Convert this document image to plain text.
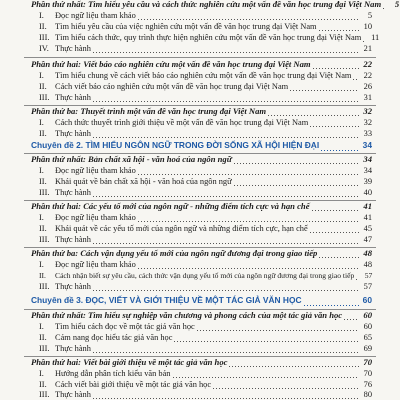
Phần thứ nhất: Tìm hiểu yêu cầu và cách thức nghiên cứu một vấn đề văn học trung đại Việt Nam	5
I.	Đọc ngữ liệu tham khảo	5
II. Tìm hiểu yêu cầu của việc nghiên cứu một vấn đề văn học trung đại Việt Nam	10
III. Tìm hiểu cách thức, quy trình thực hiện nghiên cứu một vấn đề văn học trung đại Việt Nam	11
IV. Thực hành	21
Phần thứ hai: Viết báo cáo nghiên cứu một vấn đề văn học trung đại Việt Nam	22
I.	Tìm hiểu chung về cách viết báo cáo nghiên cứu một vấn đề văn học trung đại Việt Nam	22
II. Cách viết báo cáo nghiên cứu một vấn đề văn học trung đại Việt Nam	26
III. Thực hành	31
Phần thứ ba: Thuyết trình một vấn đề văn học trung đại Việt Nam	32
I.	Cách thức thuyết trình giới thiệu về một vấn đề văn học trung đại Việt Nam	32
II. Thực hành	33
Chuyên đề 2. TÌM HIỂU NGÔN NGỮ TRONG ĐỜI SỐNG XÃ HỘI HIỆN ĐẠI	34
Phần thứ nhất: Bản chất xã hội - văn hoá của ngôn ngữ	34
I.	Đọc ngữ liệu tham khảo	34
II. Khái quát về bản chất xã hội - văn hoá của ngôn ngữ	39
III. Thực hành	40
Phần thứ hai: Các yếu tố mới của ngôn ngữ - những điểm tích cực và hạn chế	41
I.	Đọc ngữ liệu tham khảo	41
II. Khái quát về các yếu tố mới của ngôn ngữ và những điểm tích cực, hạn chế	45
III. Thực hành	47
Phần thứ ba: Cách vận dụng yếu tố mới của ngôn ngữ đương đại trong giao tiếp	48
I.	Đọc ngữ liệu tham khảo	48
II.	Cách nhận biết sự yêu cầu, cách thức vận dụng yếu tố mới của ngôn ngữ đương đại trong giao tiếp	57
III. Thực hành	57
Chuyên đề 3. ĐỌC, VIẾT VÀ GIỚI THIỆU VỀ MỘT TÁC GIẢ VĂN HỌC	60
Phần thứ nhất: Tìm hiểu sự nghiệp văn chương và phong cách của một tác giả văn học	60
I.	Tìm hiểu cách đọc về một tác giả văn học	60
II. Cảm nang đọc hiểu tác giả văn học	65
III. Thực hành	69
Phần thứ hai: Viết bài giới thiệu về một tác giả văn học	70
I.	Hướng dẫn phân tích kiểu văn bản	70
II. Cách viết bài giới thiệu về một tác giả văn học	76
III. Thực hành	80
